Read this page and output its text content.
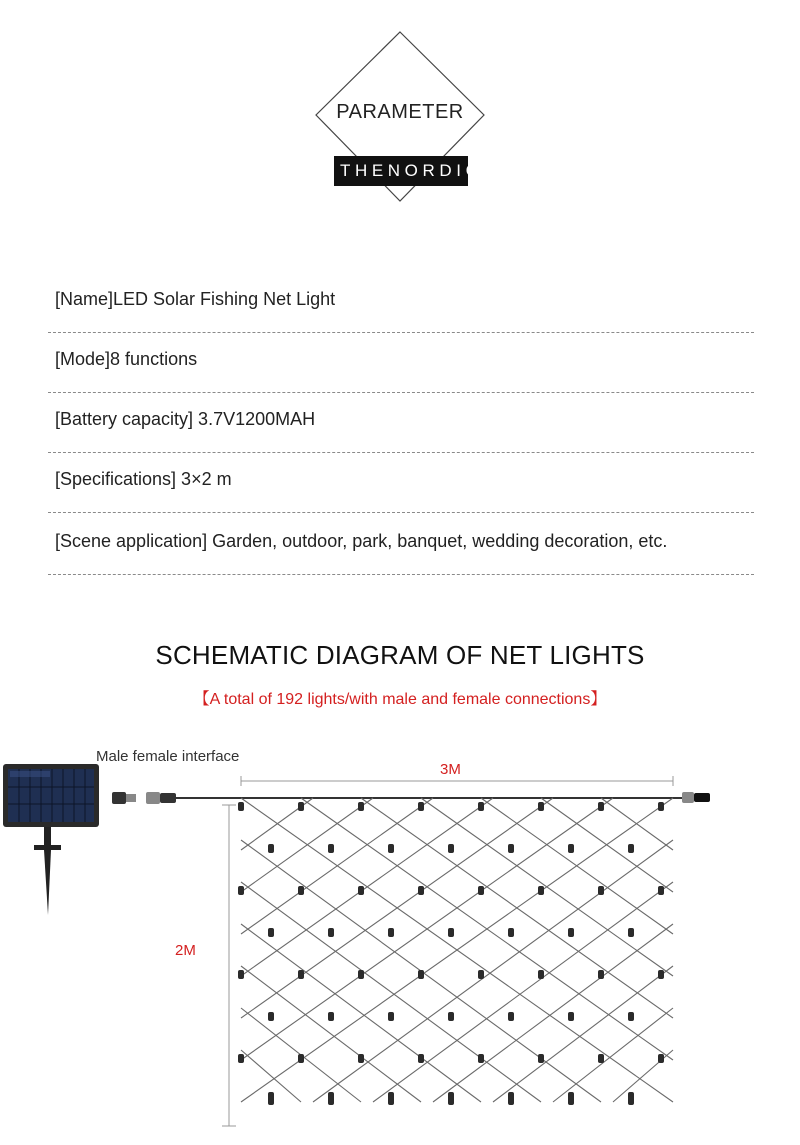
PARAMETER
THENORDIC
[Name]LED Solar Fishing Net Light
[Mode]8 functions
[Battery capacity] 3.7V1200MAH
[Specifications] 3×2 m
[Scene application] Garden, outdoor, park, banquet, wedding decoration, etc.
SCHEMATIC DIAGRAM OF NET LIGHTS
【A total of 192 lights/with male and female connections】
Male female interface
3M
2M
